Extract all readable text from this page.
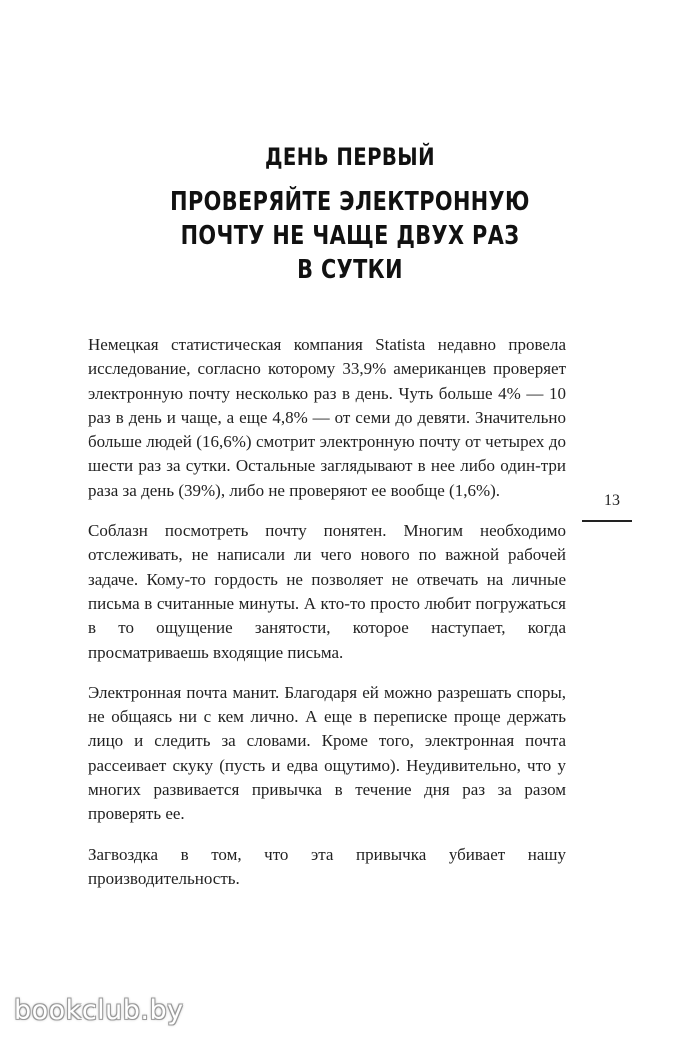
ДЕНЬ ПЕРВЫЙ
ПРОВЕРЯЙТЕ ЭЛЕКТРОННУЮ
ПОЧТУ НЕ ЧАЩЕ ДВУХ РАЗ
В СУТКИ

Немецкая статистическая компания Statista недавно провела исследование, согласно которому 33,9% американцев проверяет электронную почту несколько раз в день. Чуть больше 4% — 10 раз в день и чаще, а еще 4,8% — от семи до девяти. Значительно больше людей (16,6%) смотрит электронную почту от четырех до шести раз за сутки. Остальные заглядывают в нее либо один-три раза за день (39%), либо не проверяют ее вообще (1,6%).

Соблазн посмотреть почту понятен. Многим необходимо отслеживать, не написали ли чего нового по важной рабочей задаче. Кому-то гордость не позволяет не отвечать на личные письма в считанные минуты. А кто-то просто любит погружаться в то ощущение занятости, которое наступает, когда просматриваешь входящие письма.

Электронная почта манит. Благодаря ей можно разрешать споры, не общаясь ни с кем лично. А еще в переписке проще держать лицо и следить за словами. Кроме того, электронная почта рассеивает скуку (пусть и едва ощутимо). Неудивительно, что у многих развивается привычка в течение дня раз за разом проверять ее.

Загвоздка в том, что эта привычка убивает нашу производительность.

13
bookclub.by
